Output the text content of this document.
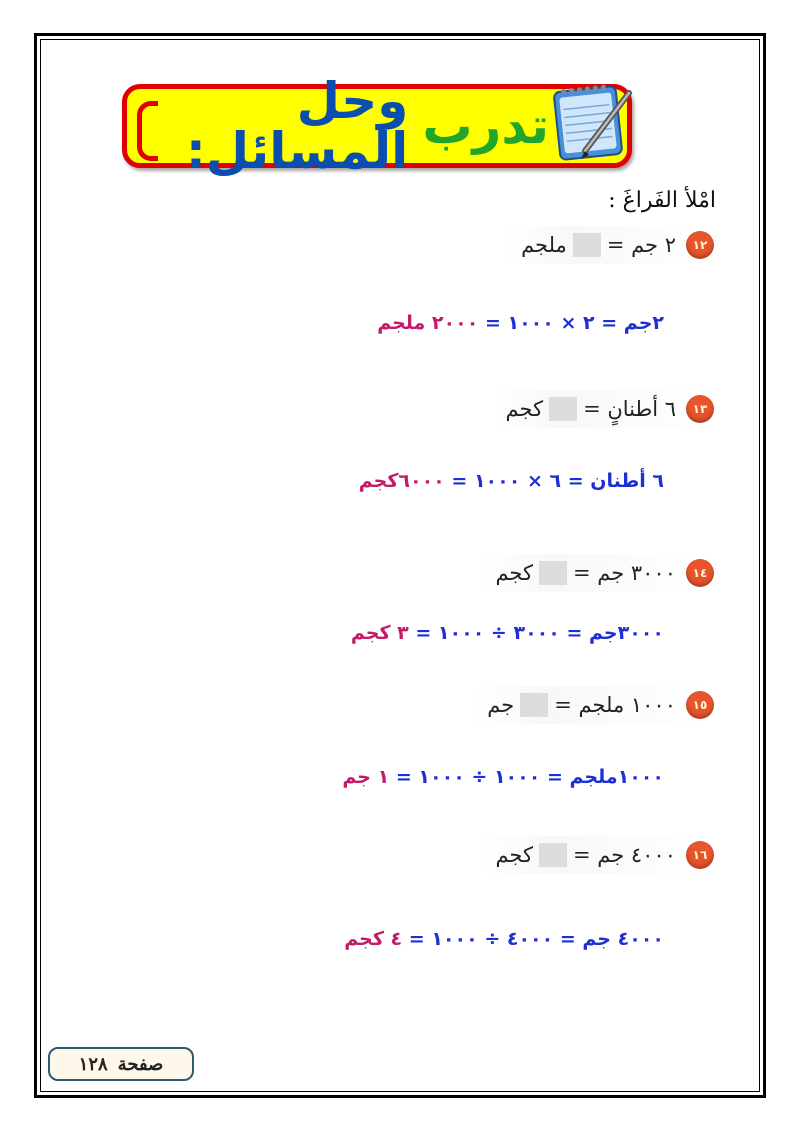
تدرب
وحل المسائل:
امْلأ الفَراغَ :
١٢
٢ جم =
ملجم
٢جم = ٢ × ١٠٠٠ = ٢٠٠٠ ملجم
١٣
٦ أطنانٍ =
كجم
٦ أطنان = ٦ × ١٠٠٠ = ٦٠٠٠كجم
١٤
٣٠٠٠ جم =
كجم
٣٠٠٠جم = ٣٠٠٠ ÷ ١٠٠٠ = ٣ كجم
١٥
١٠٠٠ ملجم =
جم
١٠٠٠ملجم = ١٠٠٠ ÷ ١٠٠٠ = ١ جم
١٦
٤٠٠٠ جم =
كجم
٤٠٠٠ جم = ٤٠٠٠ ÷ ١٠٠٠ = ٤ كجم
صفحة
١٢٨
